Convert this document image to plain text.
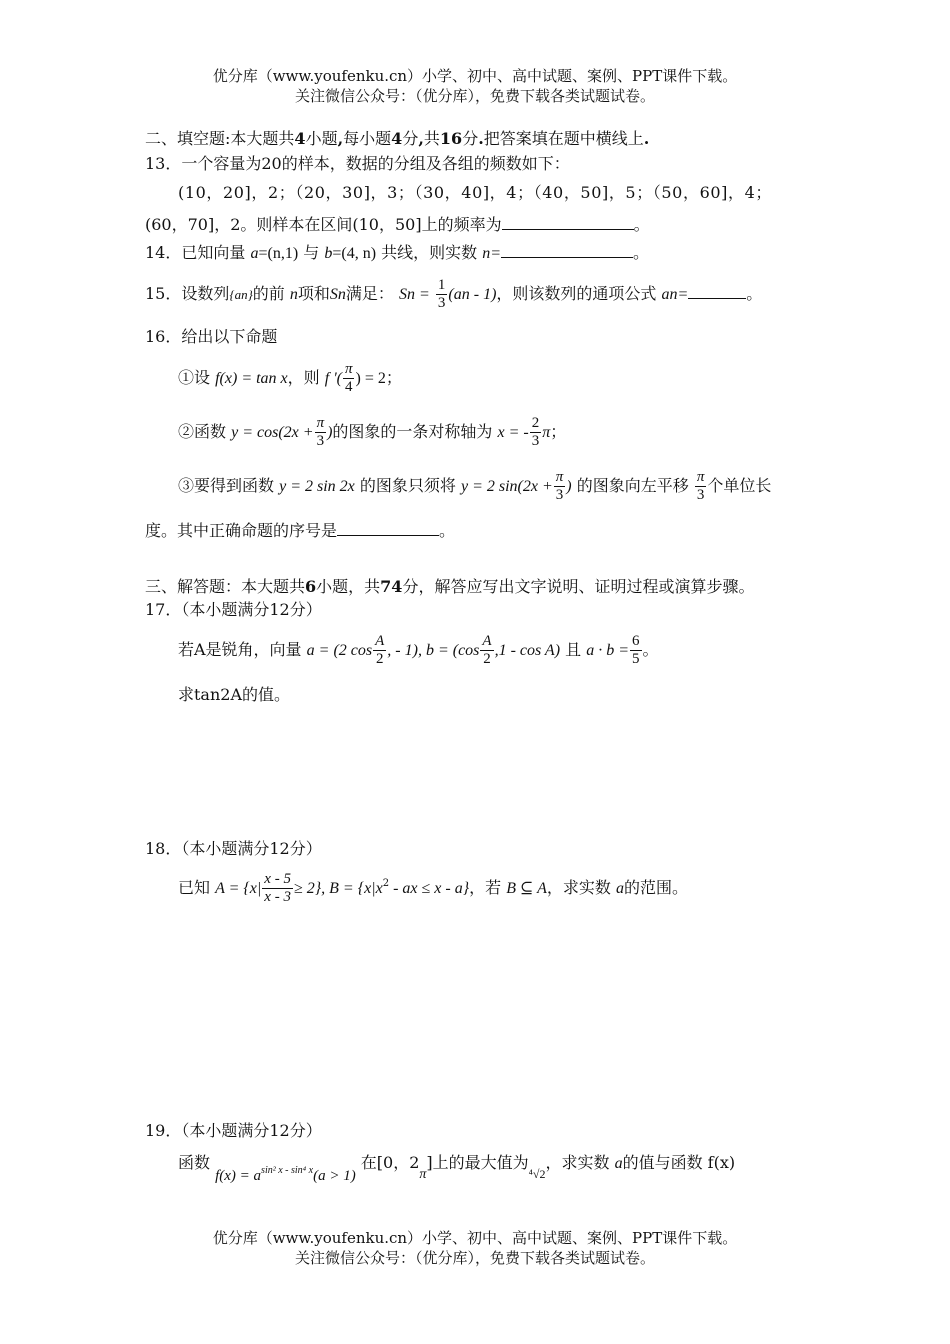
优分库（www.youfenku.cn）小学、初中、高中试题、案例、PPT课件下载。
关注微信公众号：（优分库），免费下载各类试题试卷。
二、填空题:本大题共4小题,每小题4分,共16分.把答案填在题中横线上.
13．一个容量为20的样本，数据的分组及各组的频数如下：
(10，20]，2；（20，30]，3；（30，40]，4；（40，50]，5；（50，60]，4；
(60，70]，2。则样本在区间(10，50]上的频率为	。
14．已知向量 a=(n,1) 与 b=(4, n) 共线，则实数 n=	。
15．设数列{an}的前 n项和Sn满足： $Sn = \frac{1}{3} (an - 1)$，则该数列的通项公式 an=	。
16．给出以下命题
①设 f(x) = tan x，则 f '( $\frac{\pi}{4}$ ) = 2；
②函数 $y = \cos(2x + \frac{\pi}{3}$ )的图象的一条对称轴为 x = - $\frac{2}{3}$ π；
③要得到函数 y = 2 sin 2x 的图象只须将 y = 2 $\sin(2x + \frac{\pi}{3}$ ) 的图象向左平移 $\frac{\pi}{3}$ 个单位长
度。其中正确命题的序号是	。
三、解答题：本大题共6小题，共74分，解答应写出文字说明、证明过程或演算步骤。
17．（本小题满分12分）
若A是锐角，向量 a = (2 $\cos \frac{A}{2}$ , - 1), $b = (\cos \frac{A}{2} ,1 - \cos A)$ 且 $a \cdot b = \frac{6}{5}$ 。
求tan2A的值。
18．（本小题满分12分）
已知 $A = \{x| \frac{x - 5}{x - 3} \ge 2\}$, $B = \{x|x^2$ - ax ≤ x - a}，若 B ⊆ A，求实数 a的范围。
19．（本小题满分12分）
函数 $f(x) = a^{sin^2 x - sin^4 x}(a > 1)$ 在[0，2π]上的最大值为$_{^4√2}$，求实数 a的值与函数 f(x)
优分库（www.youfenku.cn）小学、初中、高中试题、案例、PPT课件下载。
关注微信公众号：（优分库），免费下载各类试题试卷。
